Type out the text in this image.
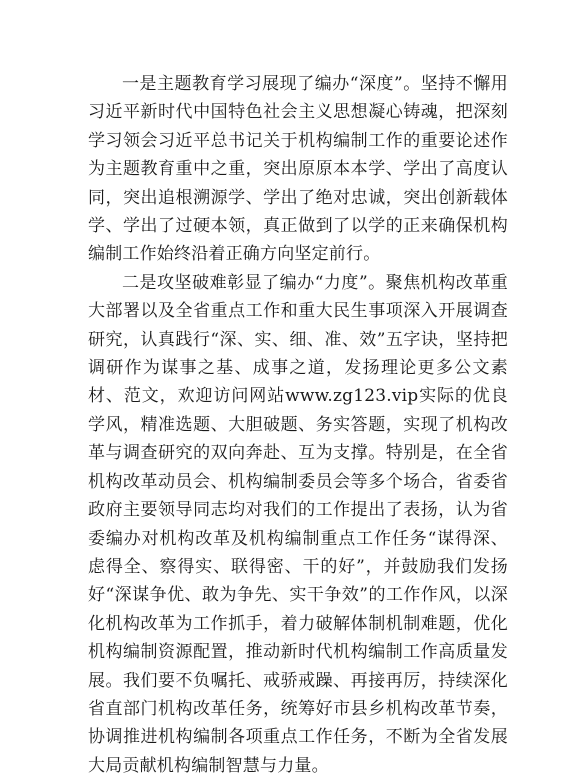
一是主题教育学习展现了编办“深度”。坚持不懈用习近平新时代中国特色社会主义思想凝心铸魂，把深刻学习领会习近平总书记关于机构编制工作的重要论述作为主题教育重中之重，突出原原本本学、学出了高度认同，突出追根溯源学、学出了绝对忠诚，突出创新载体学、学出了过硬本领，真正做到了以学的正来确保机构编制工作始终沿着正确方向坚定前行。

二是攻坚破难彰显了编办“力度”。聚焦机构改革重大部署以及全省重点工作和重大民生事项深入开展调查研究，认真践行“深、实、细、准、效”五字诀，坚持把调研作为谋事之基、成事之道，发扬理论更多公文素材、范文，欢迎访问网站www.zg123.vip实际的优良学风，精准选题、大胆破题、务实答题，实现了机构改革与调查研究的双向奔赴、互为支撑。特别是，在全省机构改革动员会、机构编制委员会等多个场合，省委省政府主要领导同志均对我们的工作提出了表扬，认为省委编办对机构改革及机构编制重点工作任务“谋得深、虑得全、察得实、联得密、干的好”，并鼓励我们发扬好“深谋争优、敢为争先、实干争效”的工作作风，以深化机构改革为工作抓手，着力破解体制机制难题，优化机构编制资源配置，推动新时代机构编制工作高质量发展。我们要不负嘱托、戒骄戒躁、再接再厉，持续深化省直部门机构改革任务，统筹好市县乡机构改革节奏，协调推进机构编制各项重点工作任务，不断为全省发展大局贡献机构编制智慧与力量。
